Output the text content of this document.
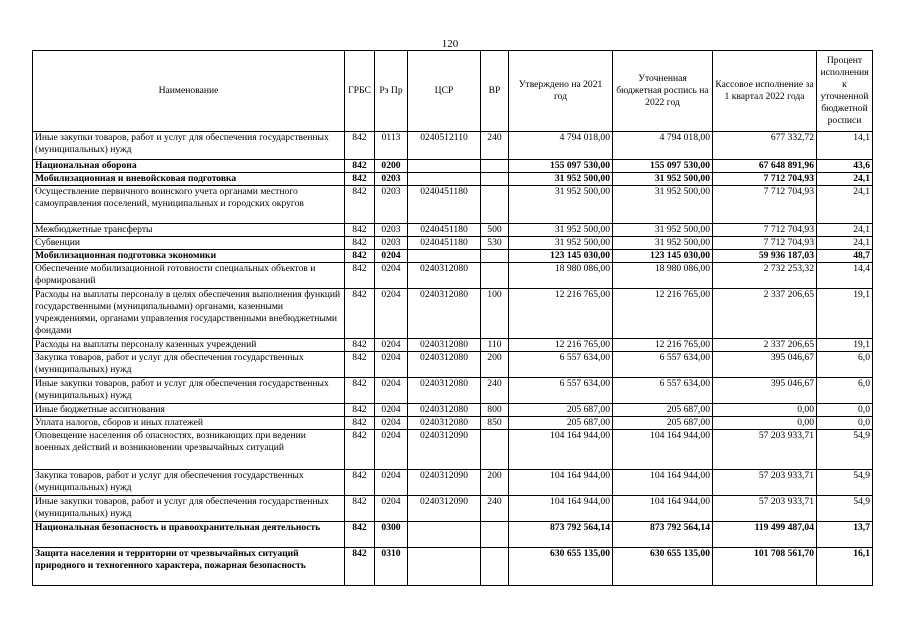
120
Наименование	ГРБС	Рз Пр	ЦСР	ВР	Утверждено на 2021 год	Уточненная бюджетная роспись на 2022 год	Кассовое исполнение за 1 квартал 2022 года	Процент исполнения к уточненной бюджетной росписи
Иные закупки товаров, работ и услуг для обеспечения государственных (муниципальных) нужд	842	0113	0240512110	240	4 794 018,00	4 794 018,00	677 332,72	14,1
Национальная оборона	842	0200			155 097 530,00	155 097 530,00	67 648 891,96	43,6
Мобилизационная и вневойсковая подготовка	842	0203			31 952 500,00	31 952 500,00	7 712 704,93	24,1
Осуществление первичного воинского учета органами местного самоуправления поселений, муниципальных и городских округов	842	0203	0240451180		31 952 500,00	31 952 500,00	7 712 704,93	24,1
Межбюджетные трансферты	842	0203	0240451180	500	31 952 500,00	31 952 500,00	7 712 704,93	24,1
Субвенции	842	0203	0240451180	530	31 952 500,00	31 952 500,00	7 712 704,93	24,1
Мобилизационная подготовка экономики	842	0204			123 145 030,00	123 145 030,00	59 936 187,03	48,7
Обеспечение мобилизационной готовности специальных объектов и формирований	842	0204	0240312080		18 980 086,00	18 980 086,00	2 732 253,32	14,4
Расходы на выплаты персоналу в целях обеспечения выполнения функций государственными (муниципальными) органами, казенными учреждениями, органами управления государственными внебюджетными фондами	842	0204	0240312080	100	12 216 765,00	12 216 765,00	2 337 206,65	19,1
Расходы на выплаты персоналу казенных учреждений	842	0204	0240312080	110	12 216 765,00	12 216 765,00	2 337 206,65	19,1
Закупка товаров, работ и услуг для обеспечения государственных (муниципальных) нужд	842	0204	0240312080	200	6 557 634,00	6 557 634,00	395 046,67	6,0
Иные закупки товаров, работ и услуг для обеспечения государственных (муниципальных) нужд	842	0204	0240312080	240	6 557 634,00	6 557 634,00	395 046,67	6,0
Иные бюджетные ассигнования	842	0204	0240312080	800	205 687,00	205 687,00	0,00	0,0
Уплата налогов, сборов и иных платежей	842	0204	0240312080	850	205 687,00	205 687,00	0,00	0,0
Оповещение населения об опасностях, возникающих при ведении военных действий и возникновении чрезвычайных ситуаций	842	0204	0240312090		104 164 944,00	104 164 944,00	57 203 933,71	54,9
Закупка товаров, работ и услуг для обеспечения государственных (муниципальных) нужд	842	0204	0240312090	200	104 164 944,00	104 164 944,00	57 203 933,71	54,9
Иные закупки товаров, работ и услуг для обеспечения государственных (муниципальных) нужд	842	0204	0240312090	240	104 164 944,00	104 164 944,00	57 203 933,71	54,9
Национальная безопасность и правоохранительная деятельность	842	0300			873 792 564,14	873 792 564,14	119 499 487,04	13,7
Защита населения и территории от чрезвычайных ситуаций природного и техногенного характера, пожарная безопасность	842	0310			630 655 135,00	630 655 135,00	101 708 561,70	16,1
